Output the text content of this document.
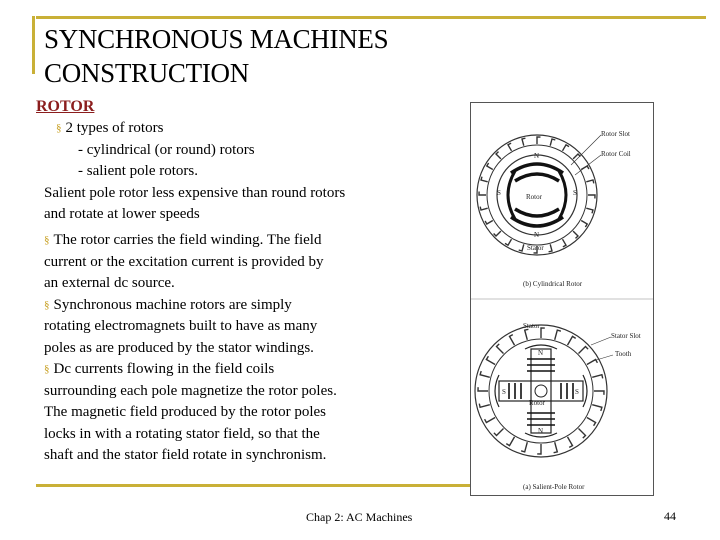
SYNCHRONOUS MACHINES
CONSTRUCTION
ROTOR
§ 2 types of rotors
- cylindrical (or round) rotors
- salient pole rotors.
Salient pole rotor less expensive than round rotors
and rotate at lower speeds
§ The rotor carries the field winding. The field
current or the excitation current is provided by
an external dc source.
§ Synchronous machine rotors are simply
rotating electromagnets built to have as many
poles as are produced by the stator windings.
§ Dc currents flowing in the field coils
surrounding each pole magnetize the rotor poles.
The magnetic field produced by the rotor poles
locks in with a rotating stator field, so that the
shaft and the stator field rotate in synchronism.
N
N
S	S
Rotor
Stator
Rotor Slot
Rotor Coil
(b) Cylindrical Rotor
N
N
S	S
Rotor
Stator
Stator Slot
Tooth
(a) Salient-Pole Rotor
Chap 2: AC Machines	44
